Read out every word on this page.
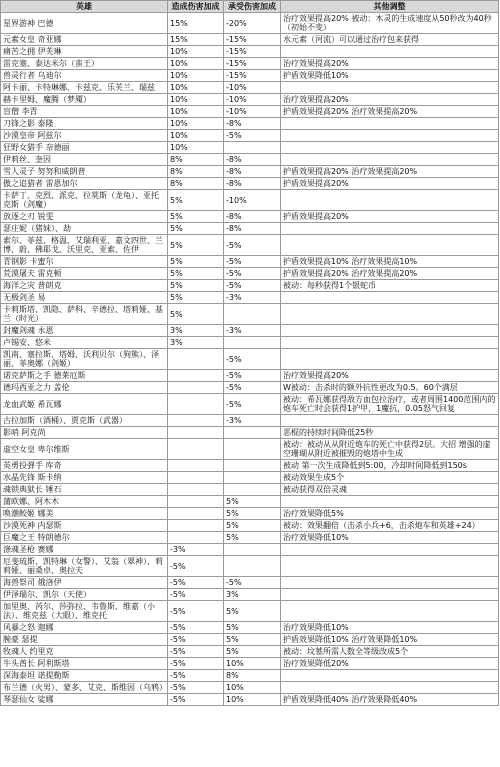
英雄	造成伤害加成	承受伤害加成	其他调整
星界游神 巴德	15%	-20%	治疗效果提高20% 被动：木灵的生成速度从50秒改为40秒（初始不变）
元素女皇 奇亚娜	15%	-15%	水元素（河流）可以通过治疗包来获得
痛苦之拥 伊芙琳	10%	-15%	
雷克塞、泰达米尔（蛮王）	10%	-15%	治疗效果提高20%
兽灵行者 乌迪尔	10%	-15%	护盾效果降低10%
阿卡丽、卡特琳娜、卡兹克、乐芙兰、瑞兹	10%	-10%	
赫卡里姆、魔腾（梦魇）	10%	-10%	治疗效果提高20%
盲僧 李青	10%	-10%	护盾效果提高20% 治疗效果提高20%
刀锋之影 泰隆	10%	-8%	
沙漠皇帝 阿兹尔	10%	-5%	
狂野女猎手 奈德丽	10%		
伊莉丝、奎因	8%	-8%	
雪人灵子 努努和威朗普	8%	-8%	护盾效果提高20% 治疗效果提高20%
傲之追猎者 雷恩加尔	8%	-8%	护盾效果提高20%
卡萨丁、克烈、派克、拉莫斯（龙龟）、亚托克斯（剑魔）	5%	-10%	
放逐之刃 锐雯	5%	-8%	护盾效果提高20%
瑟庄妮（猪妹）、劫	5%	-8%	
索尔、菲兹、格温、艾瑞利亚、嘉文四世、兰博、蔚、佛耶戈、沃里克、亚索、佐伊	5%	-5%	
青钢影 卡蜜尔	5%	-5%	护盾效果提高10% 治疗效果提高10%
荒漠屠夫 雷克顿	5%	-5%	护盾效果提高20% 治疗效果提高20%
海洋之灾 普朗克	5%	-5%	被动：每秒获得1个银蛇币
无极剑圣 易	5%	-3%	
卡莉斯塔、凯隐、萨科、辛德拉、塔莉娅、基兰（时光）	5%		
封魔剑魂 永恩	3%	-3%	
卢锡安、悠米	3%		
凯南、塞拉斯、塔姆、沃利贝尔（狗熊）、泽丽、菲奥娜（剑姬）		-5%	
诺克萨斯之手 德莱厄斯		-5%	治疗效果提高20%
德玛西亚之力 盖伦		-5%	W被动：击杀时的额外抗性更改为0.5。60个满层
龙血武姬 希瓦娜		-5%	被动：希瓦娜获得敌方血包拉治疗，或者周围1400范围内的炮车死亡时会获得1护甲，1魔抗，0.05怒气回复
古拉加斯（酒桶）、贾克斯（武器）		-3%	
影哨 阿克尚			恶棍的持续时间降低25秒
虚空女皇 卑尔维斯			被动：被动从从附近炮车的死亡中获得2层。大招 增强的虚空珊瑚从附近被摧毁的炮塔中生成
英勇投弹手 库奇			被动 第一次生成降低到5:00，冷却时间降低到150s
水晶先锋 斯卡纳			被动效果生成5个
魂锁典狱长 锤石			被动获得双倍灵魂
蒲欧娜、阿木木		5%	
唤潮鲛姬 娜美		5%	治疗效果降低5%
沙漠死神 内瑟斯		5%	被动：效果翻倍（击杀小兵+6，击杀炮车和英雄+24）
巨魔之王 特朗德尔		5%	治疗效果降低10%
涤魂圣枪 赛娜	-3%		
厄斐琉斯、凯特琳（女警）、艾翁（翠神）、莉莉娅、丽桑卓、奥拉夫	-5%		
海兽祭司 俄洛伊	-5%	-5%	
伊泽瑞尔、凯尔（天使）	-5%	3%	
加里奥、芮尔、莎弥拉、韦鲁斯、维嘉（小法）、维克兹（大眼）、维克托	-5%	5%	
风暴之怒 迦娜	-5%	5%	治疗效果降低10%
腕豪 瑟提	-5%	5%	护盾效果降低10% 治疗效果降低10%
牧魂人 约里克	-5%	5%	被动：坟墓所需人数全等级改成5个
牛头酋长 阿利斯塔	-5%	10%	治疗效果降低20%
深海泰坦 诺提勒斯	-5%	8%	
布兰德（火男）、蒙多、艾克、斯维因（乌鸦）	-5%	10%	
琴瑟仙女 娑娜	-5%	10%	护盾效果降低40% 治疗效果降低40%
